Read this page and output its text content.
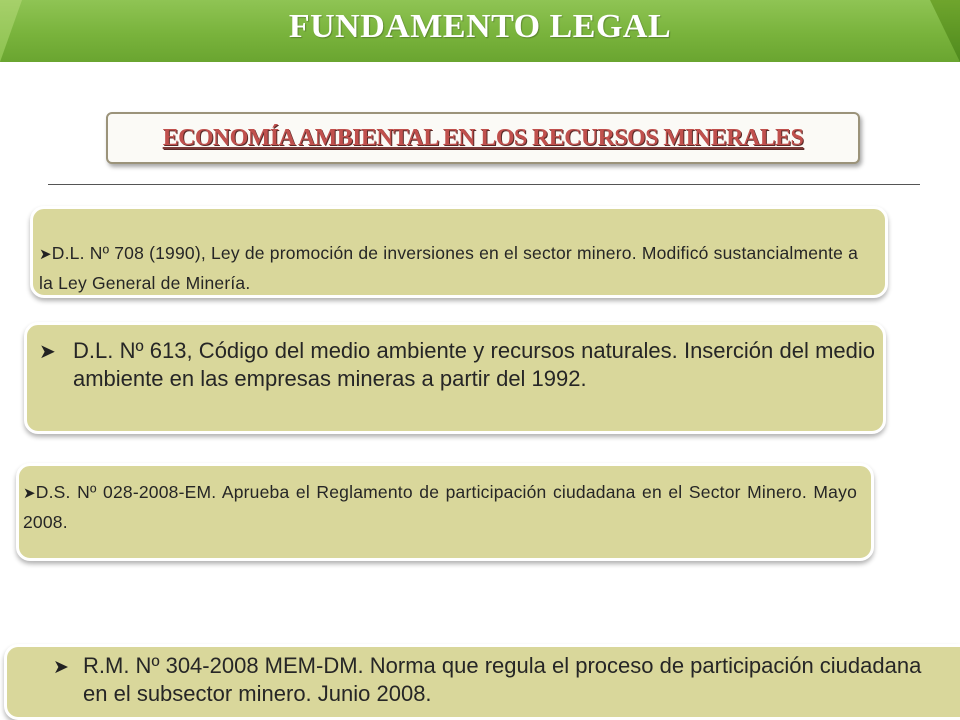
FUNDAMENTO LEGAL
ECONOMÍA AMBIENTAL EN LOS RECURSOS MINERALES
➤D.L. Nº 708 (1990), Ley de promoción de inversiones en el sector minero. Modificó sustancialmente a la Ley General de Minería.
➤ D.L. Nº 613, Código del medio ambiente y recursos naturales. Inserción del medio ambiente en las empresas mineras a partir del 1992.
➤D.S. Nº 028-2008-EM. Aprueba el Reglamento de participación ciudadana en el Sector Minero. Mayo 2008.
➤ R.M. Nº 304-2008 MEM-DM. Norma que regula el proceso de participación ciudadana en el subsector minero. Junio 2008.
